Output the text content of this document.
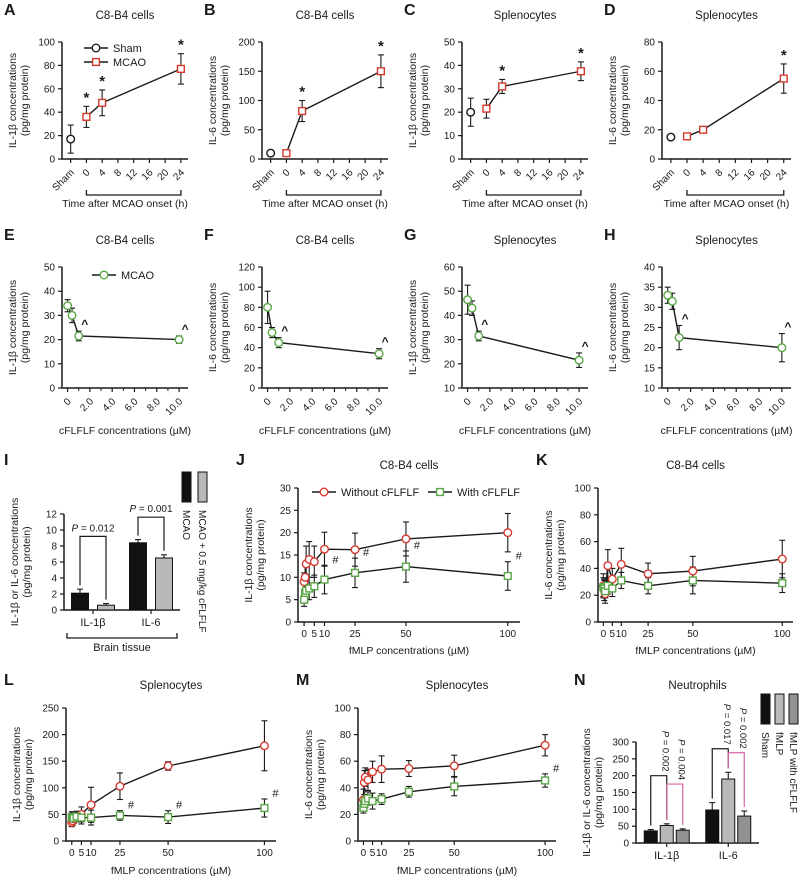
A	C8-B4 cells
0
20
40
60
80
100
IL-1β concentrations (pg/mg protein)
Sham 0 4 8 12 16 20 24
Time after MCAO onset (h)
*
*
*
Sham
MCAO
B	C8-B4 cells
0
50
100
150
200
IL-6 concentrations (pg/mg protein)
Sham 0 4 8 12 16 20 24
Time after MCAO onset (h)
*
*
C	Splenocytes
0
10
20
30
40
50
IL-1β concentrations (pg/mg protein)
Sham 0 4 8 12 16 20 24
Time after MCAO onset (h)
*
*
D	Splenocytes
0
20
40
60
80
IL-6 concentrations (pg/mg protein)
Sham 0 4 8 12 16 20 24
Time after MCAO onset (h)
*
E	C8-B4 cells
0
10
20
30
40
50
IL-1β concentrations (pg/mg protein)
0 2.0 4.0 6.0 8.0 10.0
cFLFLF concentrations (µM)
^	^
MCAO
F	C8-B4 cells
0
20
40
60
80
100
120
IL-6 concentrations (pg/mg protein)
0 2.0 4.0 6.0 8.0 10.0
cFLFLF concentrations (µM)
^
^
G	Splenocytes
10
20
30
40
50
60
IL-1β concentrations (pg/mg protein)
0 2.0 4.0 6.0 8.0 10.0
cFLFLF concentrations (µM)
^
^
H	Splenocytes
10
15
20
25
30
35
40
IL-6 concentrations (pg/mg protein)
0 2.0 4.0 6.0 8.0 10.0
cFLFLF concentrations (µM)
^
^
I
0
2
4
6
8
10
12
IL-1β or IL-6 concentrations (pg/mg protein)
IL-1β	IL-6
Brain tissue
P = 0.012
P = 0.001
MCAO MCAO + 0.5 mg/kg cFLFLF
J	C8-B4 cells
0
5
10
15
20
25
30
IL-1β concentrations (pg/mg protein)
0 5 10 25	50	100
fMLP concentrations (µM)
#
#
#
#
Without cFLFLF	With cFLFLF
K	C8-B4 cells
0
20
40
60
80
100
IL-6 concentrations (pg/mg protein)
0 5 10 25	50	100
fMLP concentrations (µM)
L	Splenocytes
0
50
100
150
200
250
IL-1β concentrations (pg/mg protein)
0 5 10 25	50	100
fMLP concentrations (µM)
#	#
#
M	Splenocytes
0
20
40
60
80
100
IL-6 concentrations (pg/mg protein)
0 5 10 25	50	100
fMLP concentrations (µM)
#
N	Neutrophils
0
50
100
150
200
250
300
IL-1β or IL-6 concentrations (pg/mg protein)
IL-1β	IL-6
P = 0.002 P = 0.004
P = 0.017 P = 0.002 Sham fMLP fMLP with cFLFLF
